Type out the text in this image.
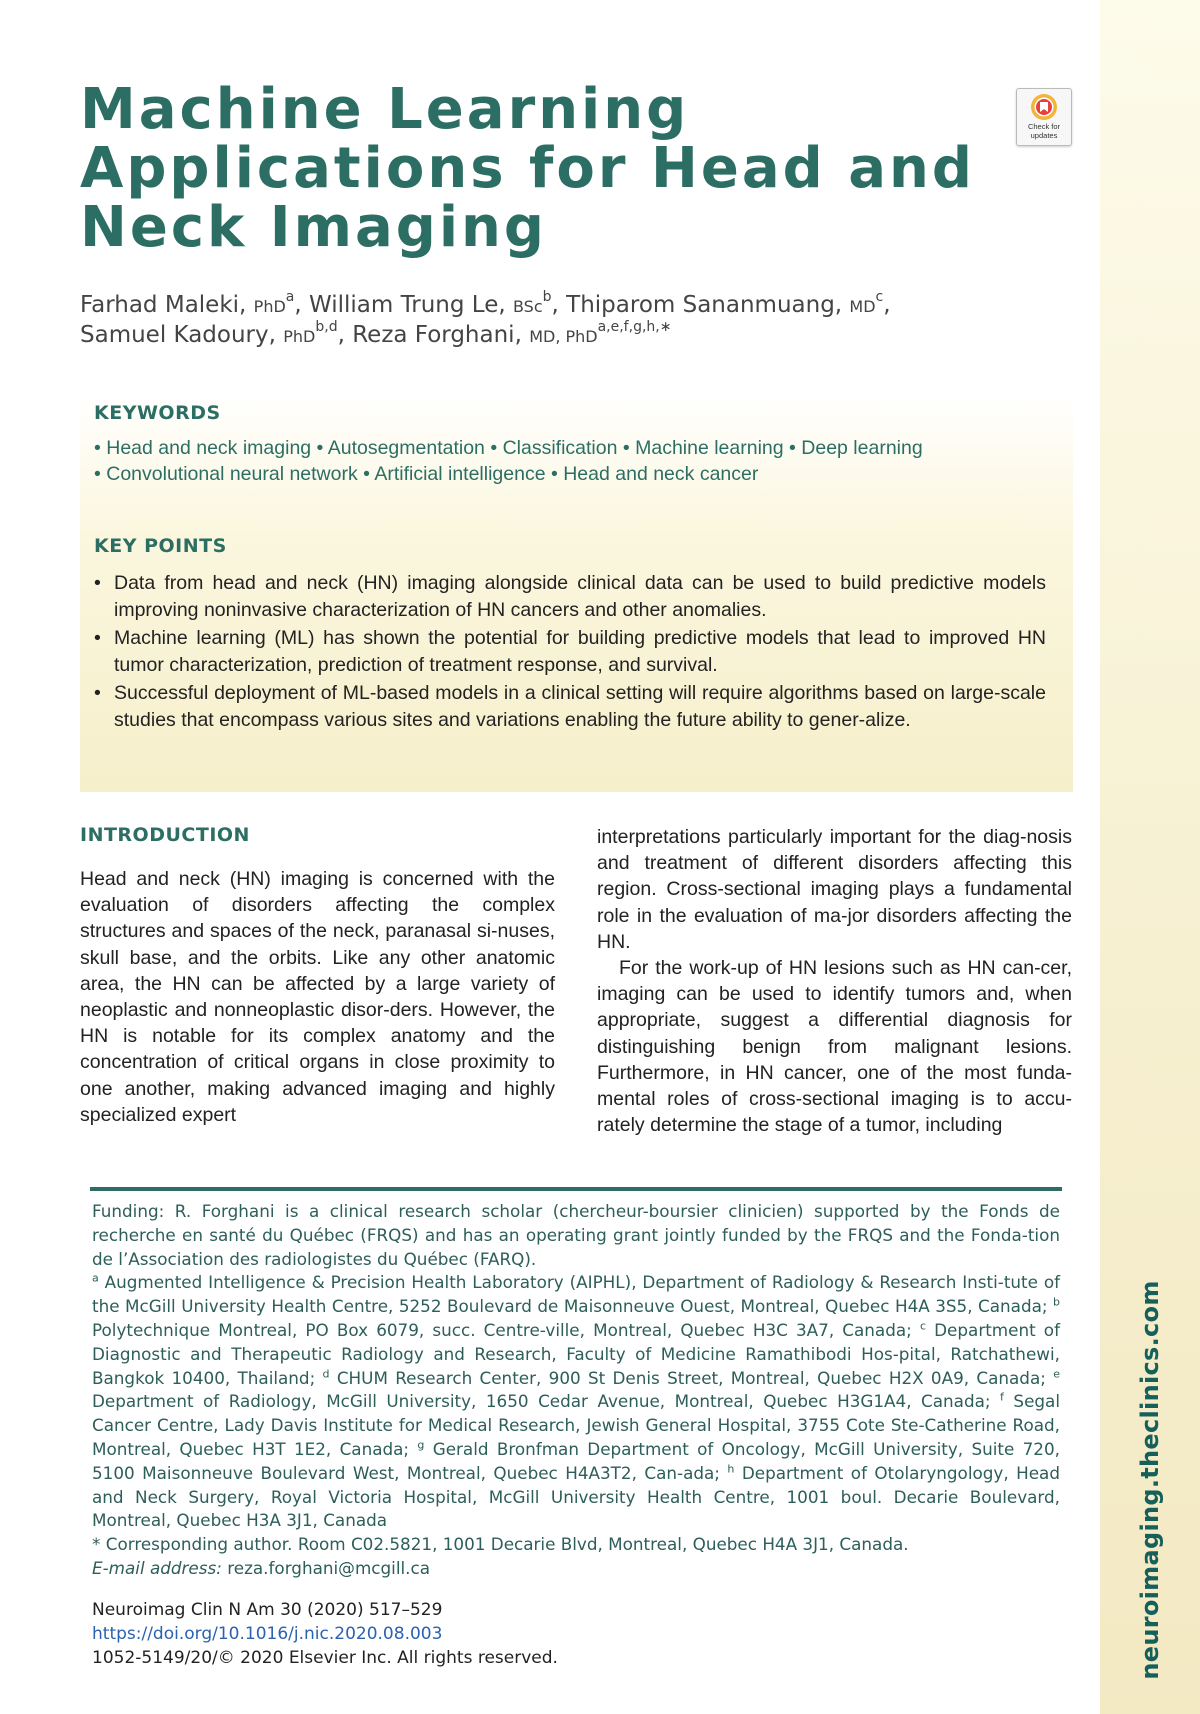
neuroimaging.theclinics.com
Machine Learning
Applications for Head and
Neck Imaging
Check for
updates
Farhad Maleki, PhD$^a$, William Trung Le, BSc$^b$, Thiparom Sananmuang, $MD^c$,
Samuel Kadoury, PhD$^{b,d}$, Reza Forghani, MD, PhD$^{a,e,f,g,h,∗}$
KEYWORDS
• Head and neck imaging • Autosegmentation • Classification • Machine learning • Deep learning
• Convolutional neural network • Artificial intelligence • Head and neck cancer
KEY POINTS
• Data from head and neck (HN) imaging alongside clinical data can be used to build predictive models improving noninvasive characterization of HN cancers and other anomalies.
• Machine learning (ML) has shown the potential for building predictive models that lead to improved HN tumor characterization, prediction of treatment response, and survival.
• Successful deployment of ML-based models in a clinical setting will require algorithms based on large-scale studies that encompass various sites and variations enabling the future ability to gener-alize.
INTRODUCTION

Head and neck (HN) imaging is concerned with the evaluation of disorders affecting the complex structures and spaces of the neck, paranasal si-nuses, skull base, and the orbits. Like any other anatomic area, the HN can be affected by a large variety of neoplastic and nonneoplastic disor-ders. However, the HN is notable for its complex anatomy and the concentration of critical organs in close proximity to one another, making advanced imaging and highly specialized expert

interpretations particularly important for the diag-nosis and treatment of different disorders affecting this region. Cross-sectional imaging plays a fundamental role in the evaluation of ma-jor disorders affecting the HN.

For the work-up of HN lesions such as HN can-cer, imaging can be used to identify tumors and, when appropriate, suggest a differential diagnosis for distinguishing benign from malignant lesions. Furthermore, in HN cancer, one of the most funda-mental roles of cross-sectional imaging is to accu-rately determine the stage of a tumor, including

Funding: R. Forghani is a clinical research scholar (chercheur-boursier clinicien) supported by the Fonds de recherche en santé du Québec (FRQS) and has an operating grant jointly funded by the FRQS and the Fonda-tion de l’Association des radiologistes du Québec (FARQ).

$^a$ Augmented Intelligence & Precision Health Laboratory (AIPHL), Department of Radiology & Research Insti-tute of the McGill University Health Centre, 5252 Boulevard de Maisonneuve Ouest, Montreal, Quebec H4A 3S5, Canada; $^b$ Polytechnique Montreal, PO Box 6079, succ. Centre-ville, Montreal, Quebec H3C 3A7, Canada; $^c$ Department of Diagnostic and Therapeutic Radiology and Research, Faculty of Medicine Ramathibodi Hos-pital, Ratchathewi, Bangkok 10400, Thailand; $^d$ CHUM Research Center, 900 St Denis Street, Montreal, Quebec H2X 0A9, Canada; $^e$ Department of Radiology, McGill University, 1650 Cedar Avenue, Montreal, Quebec H3G1A4, Canada; $^f$ Segal Cancer Centre, Lady Davis Institute for Medical Research, Jewish General Hospital, 3755 Cote Ste-Catherine Road, Montreal, Quebec H3T 1E2, Canada; $^g$ Gerald Bronfman Department of Oncology, McGill University, Suite 720, 5100 Maisonneuve Boulevard West, Montreal, Quebec H4A3T2, Can-ada; $^h$ Department of Otolaryngology, Head and Neck Surgery, Royal Victoria Hospital, McGill University Health Centre, 1001 boul. Decarie Boulevard, Montreal, Quebec H3A 3J1, Canada

* Corresponding author. Room C02.5821, 1001 Decarie Blvd, Montreal, Quebec H4A 3J1, Canada.

E-mail address: reza.forghani@mcgill.ca

Neuroimag Clin N Am 30 (2020) 517–529
https://doi.org/10.1016/j.nic.2020.08.003
1052-5149/20/© 2020 Elsevier Inc. All rights reserved.
